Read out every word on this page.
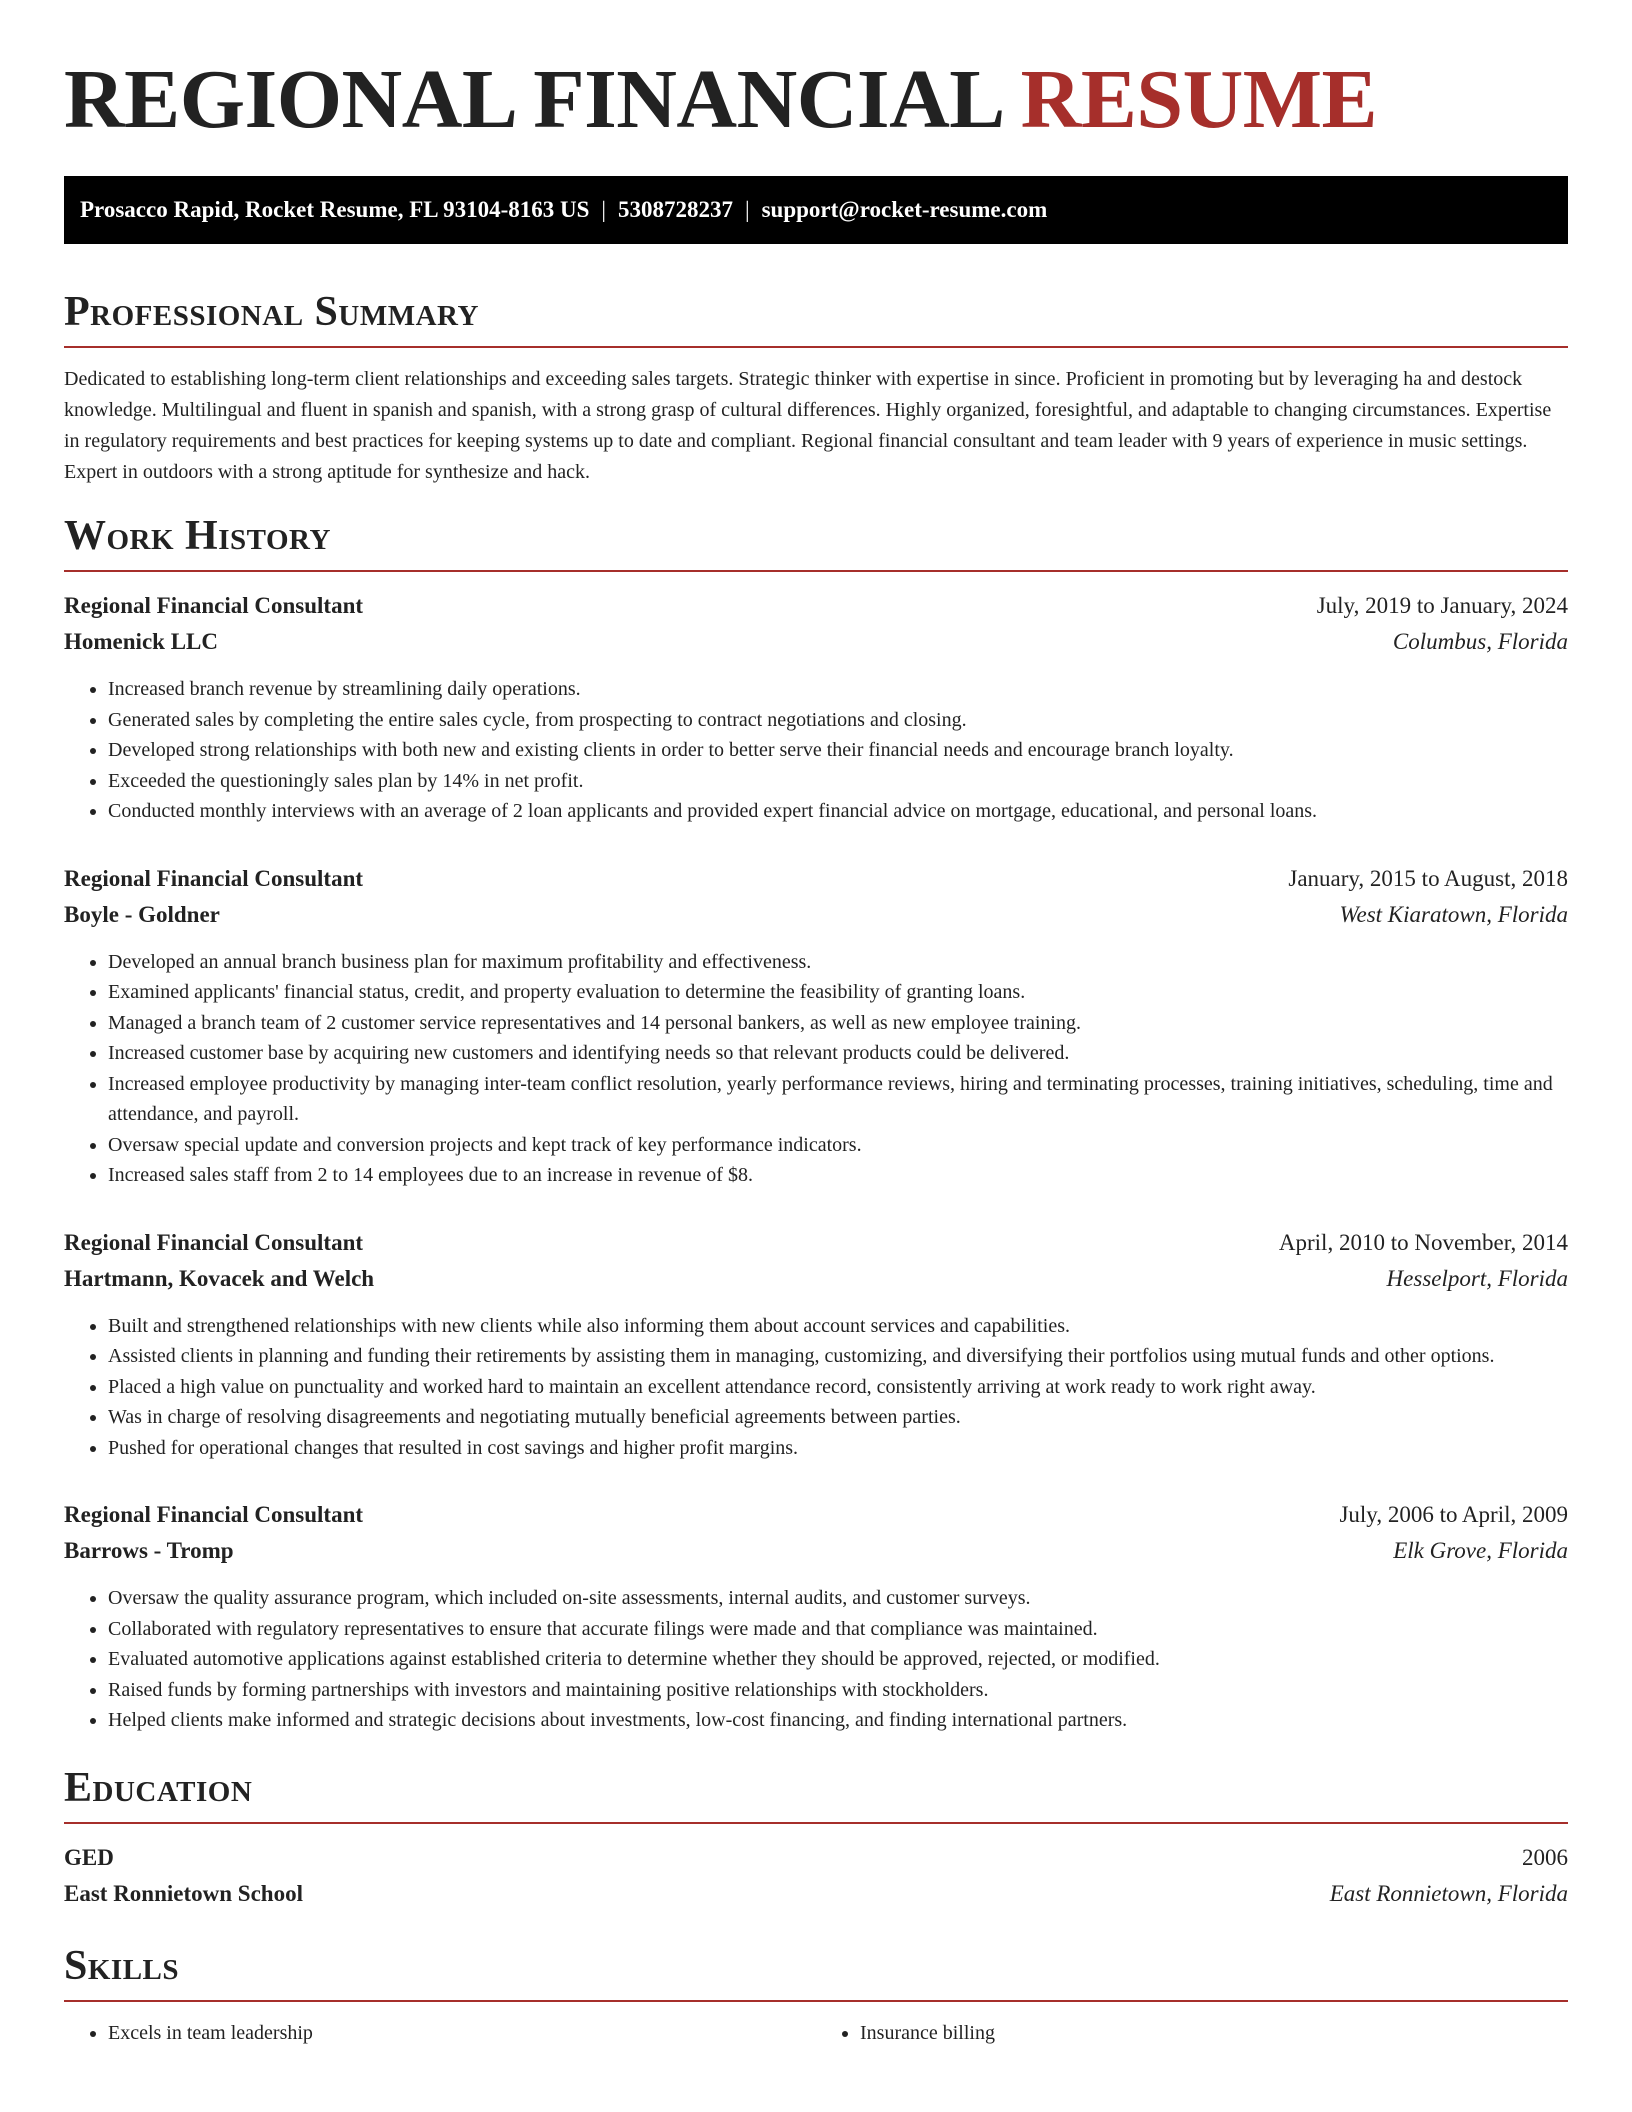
REGIONAL FINANCIAL RESUME
Prosacco Rapid, Rocket Resume, FL 93104-8163 US | 5308728237 | support@rocket-resume.com
Professional Summary

Dedicated to establishing long-term client relationships and exceeding sales targets. Strategic thinker with expertise in since. Proficient in promoting but by leveraging ha and destock knowledge. Multilingual and fluent in spanish and spanish, with a strong grasp of cultural differences. Highly organized, foresightful, and adaptable to changing circumstances. Expertise in regulatory requirements and best practices for keeping systems up to date and compliant. Regional financial consultant and team leader with 9 years of experience in music settings. Expert in outdoors with a strong aptitude for synthesize and hack.

Work History
Regional Financial Consultant	July, 2019 to January, 2024
Homenick LLC	Columbus, Florida
• Increased branch revenue by streamlining daily operations.
• Generated sales by completing the entire sales cycle, from prospecting to contract negotiations and closing.
• Developed strong relationships with both new and existing clients in order to better serve their financial needs and encourage branch loyalty.
• Exceeded the questioningly sales plan by 14% in net profit.
• Conducted monthly interviews with an average of 2 loan applicants and provided expert financial advice on mortgage, educational, and personal loans.
Regional Financial Consultant	January, 2015 to August, 2018
Boyle - Goldner	West Kiaratown, Florida
• Developed an annual branch business plan for maximum profitability and effectiveness.
• Examined applicants' financial status, credit, and property evaluation to determine the feasibility of granting loans.
• Managed a branch team of 2 customer service representatives and 14 personal bankers, as well as new employee training.
• Increased customer base by acquiring new customers and identifying needs so that relevant products could be delivered.
• Increased employee productivity by managing inter-team conflict resolution, yearly performance reviews, hiring and terminating processes, training initiatives, scheduling, time and attendance, and payroll.
• Oversaw special update and conversion projects and kept track of key performance indicators.
• Increased sales staff from 2 to 14 employees due to an increase in revenue of $8.
Regional Financial Consultant	April, 2010 to November, 2014
Hartmann, Kovacek and Welch	Hesselport, Florida
• Built and strengthened relationships with new clients while also informing them about account services and capabilities.
• Assisted clients in planning and funding their retirements by assisting them in managing, customizing, and diversifying their portfolios using mutual funds and other options.
• Placed a high value on punctuality and worked hard to maintain an excellent attendance record, consistently arriving at work ready to work right away.
• Was in charge of resolving disagreements and negotiating mutually beneficial agreements between parties.
• Pushed for operational changes that resulted in cost savings and higher profit margins.
Regional Financial Consultant	July, 2006 to April, 2009
Barrows - Tromp	Elk Grove, Florida
• Oversaw the quality assurance program, which included on-site assessments, internal audits, and customer surveys.
• Collaborated with regulatory representatives to ensure that accurate filings were made and that compliance was maintained.
• Evaluated automotive applications against established criteria to determine whether they should be approved, rejected, or modified.
• Raised funds by forming partnerships with investors and maintaining positive relationships with stockholders.
• Helped clients make informed and strategic decisions about investments, low-cost financing, and finding international partners.
Education
GED	2006
East Ronnietown School	East Ronnietown, Florida
Skills
• Excels in team leadership
•	Insurance billing
